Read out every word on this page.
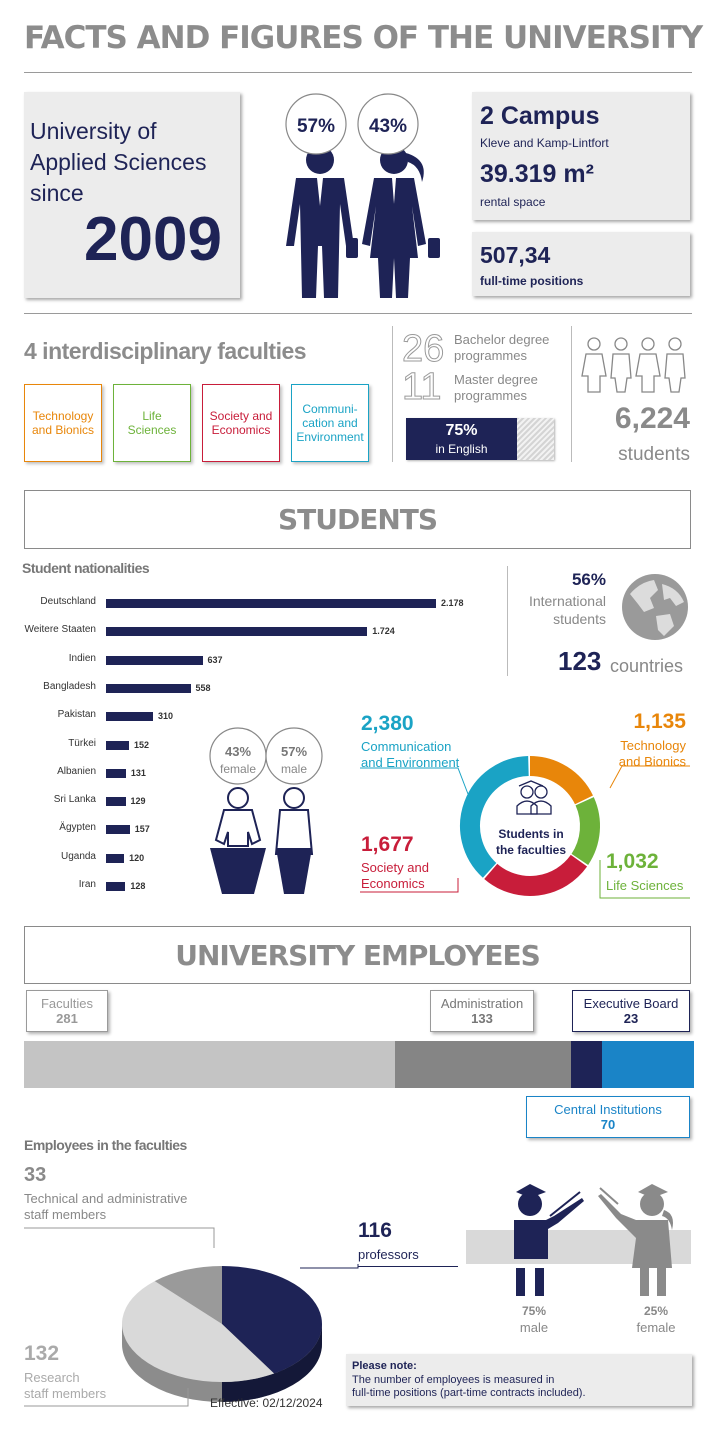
FACTS AND FIGURES OF THE UNIVERSITY
University of
Applied Sciences
since
2009
57%	43%	2 Campus
Kleve and Kamp-Lintfort
39.319 m²
rental space
507,34
full-time positions
4 interdisciplinary faculties
Technology
and Bionics
Life
Sciences
Society and
Economics
Communi-
cation and
Environment
26 Bachelor degree
programmes
11 Master degree
programmes
75%
in English
6,224
students
STUDENTS
Student nationalities
Deutschland	2.178
Weitere Staaten	1.724
Indien	637
Bangladesh	558
Pakistan	310
Türkei	152
Albanien	131
Sri Lanka	129
Ägypten	157
Uganda	120
Iran	128
56%
International
students
123 countries
43%
female
57%
male
2,380
Communication
and Environment
1,135
Technology
and Bionics
1,677
Society and
Economics
1,032
Life Sciences
Students in
the faculties
UNIVERSITY EMPLOYEES
Faculties
281
Administration
133
Executive Board
23
Central Institutions
70
Employees in the faculties
33
Technical and administrative
staff members
116
professors
132
Research
staff members
Effective: 02/12/2024
75%
male
25%
female
Please note:
The number of employees is measured in
full-time positions (part-time contracts included).
